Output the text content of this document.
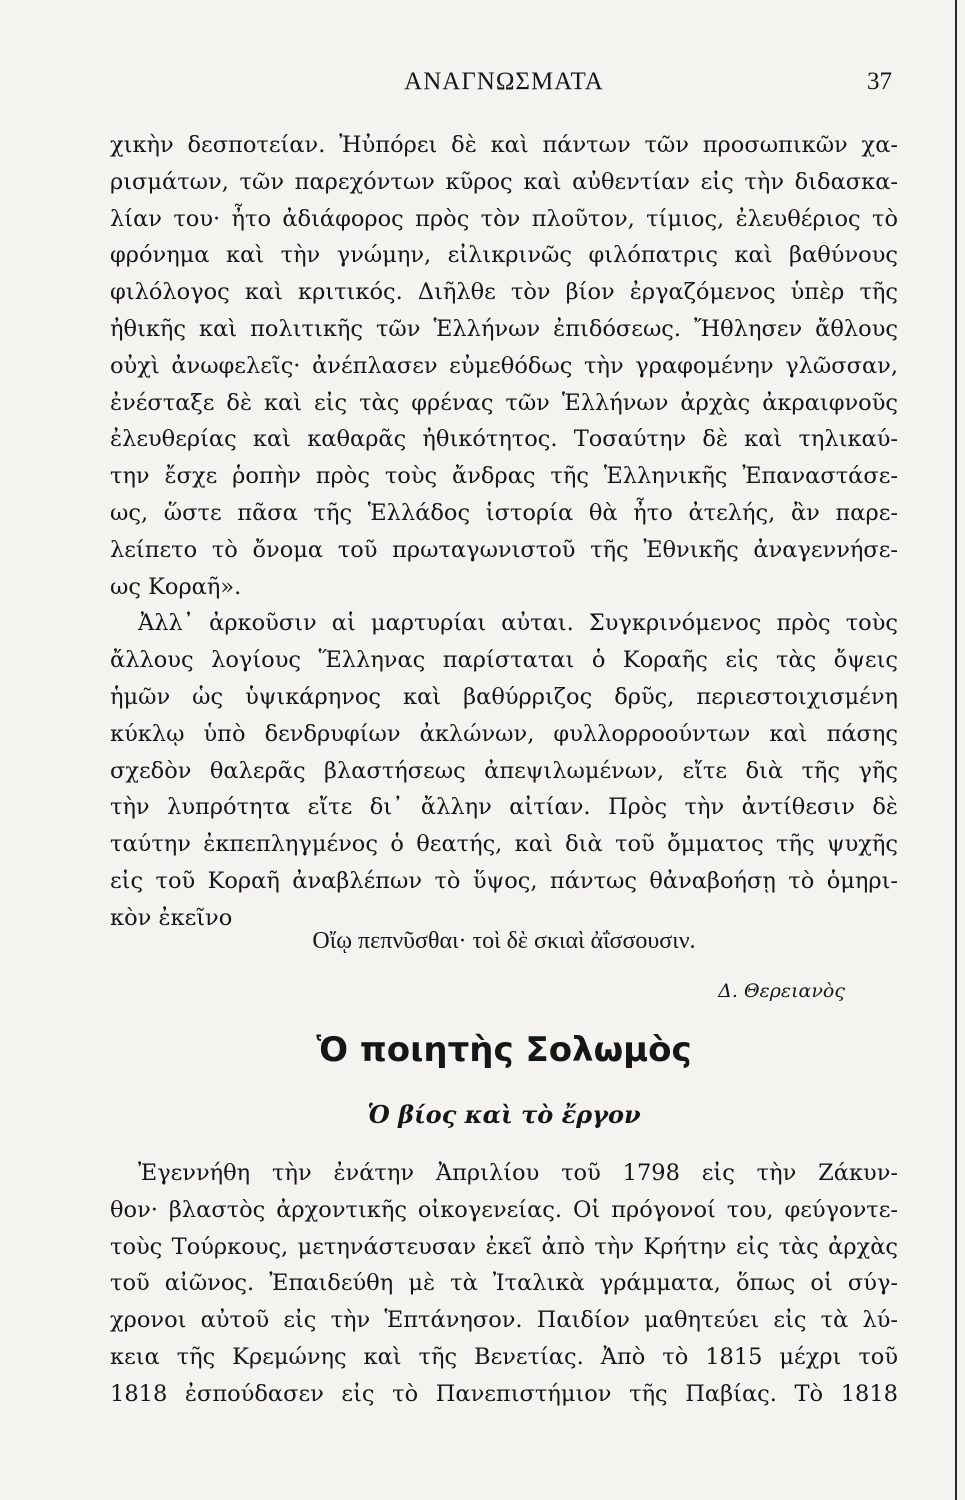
ΑΝΑΓΝΩΣΜΑΤΑ	37
χικὴν δεσποτείαν. Ἠὐπόρει δὲ καὶ πάντων τῶν προσωπικῶν χα-
ρισμάτων, τῶν παρεχόντων κῦρος καὶ αὐθεντίαν εἰς τὴν διδασκα-
λίαν του· ἦτο ἀδιάφορος πρὸς τὸν πλοῦτον, τίμιος, ἐλευθέριος τὸ
φρόνημα καὶ τὴν γνώμην, εἰλικρινῶς φιλόπατρις καὶ βαθύνους
φιλόλογος καὶ κριτικός. Διῆλθε τὸν βίον ἐργαζόμενος ὑπὲρ τῆς
ἠθικῆς καὶ πολιτικῆς τῶν Ἑλλήνων ἐπιδόσεως. Ἤθλησεν ἄθλους
οὐχὶ ἀνωφελεῖς· ἀνέπλασεν εὐμεθόδως τὴν γραφομένην γλῶσσαν,
ἐνέσταξε δὲ καὶ εἰς τὰς φρένας τῶν Ἑλλήνων ἀρχὰς ἀκραιφνοῦς
ἐλευθερίας καὶ καθαρᾶς ἠθικότητος. Τοσαύτην δὲ καὶ τηλικαύ-
την ἔσχε ῥοπὴν πρὸς τοὺς ἄνδρας τῆς Ἑλληνικῆς Ἐπαναστάσε-
ως, ὥστε πᾶσα τῆς Ἑλλάδος ἱστορία θὰ ἦτο ἀτελής, ἂν παρε-
λείπετο τὸ ὄνομα τοῦ πρωταγωνιστοῦ τῆς Ἐθνικῆς ἀναγεννήσε-
ως Κοραῆ».
Ἀλλ᾽ ἀρκοῦσιν αἱ μαρτυρίαι αὐται. Συγκρινόμενος πρὸς τοὺς
ἄλλους λογίους Ἕλληνας παρίσταται ὁ Κοραῆς εἰς τὰς ὄψεις
ἡμῶν ὡς ὑψικάρηνος καὶ βαθύρριζος δρῦς, περιεστοιχισμένη
κύκλῳ ὑπὸ δενδρυφίων ἀκλώνων, φυλλορροούντων καὶ πάσης
σχεδὸν θαλερᾶς βλαστήσεως ἀπεψιλωμένων, εἴτε διὰ τῆς γῆς
τὴν λυπρότητα εἴτε δι᾽ ἄλλην αἰτίαν. Πρὸς τὴν ἀντίθεσιν δὲ
ταύτην ἐκπεπληγμένος ὁ θεατής, καὶ διὰ τοῦ ὄμματος τῆς ψυχῆς
εἰς τοῦ Κοραῆ ἀναβλέπων τὸ ὕψος, πάντως θἀναβοήσῃ τὸ ὁμηρι-
κὸν ἐκεῖνο
Οἴῳ πεπνῦσθαι· τοὶ δὲ σκιαὶ ἀΐσσουσιν.
Δ. Θερειανὸς
Ὁ ποιητὴς Σολωμὸς
Ὁ βίος καὶ τὸ ἔργον
Ἐγεννήθη τὴν ἐνάτην Ἀπριλίου τοῦ 1798 εἰς τὴν Ζάκυν-
θον· βλαστὸς ἀρχοντικῆς οἰκογενείας. Οἱ πρόγονοί του, φεύγοντε-
τοὺς Τούρκους, μετηνάστευσαν ἐκεῖ ἀπὸ τὴν Κρήτην εἰς τὰς ἀρχὰς
τοῦ αἰῶνος. Ἐπαιδεύθη μὲ τὰ Ἰταλικὰ γράμματα, ὅπως οἱ σύγ-
χρονοι αὐτοῦ εἰς τὴν Ἑπτάνησον. Παιδίον μαθητεύει εἰς τὰ λύ-
κεια τῆς Κρεμώνης καὶ τῆς Βενετίας. Ἀπὸ τὸ 1815 μέχρι τοῦ
1818 ἐσπούδασεν εἰς τὸ Πανεπιστήμιον τῆς Παβίας. Τὸ 1818
